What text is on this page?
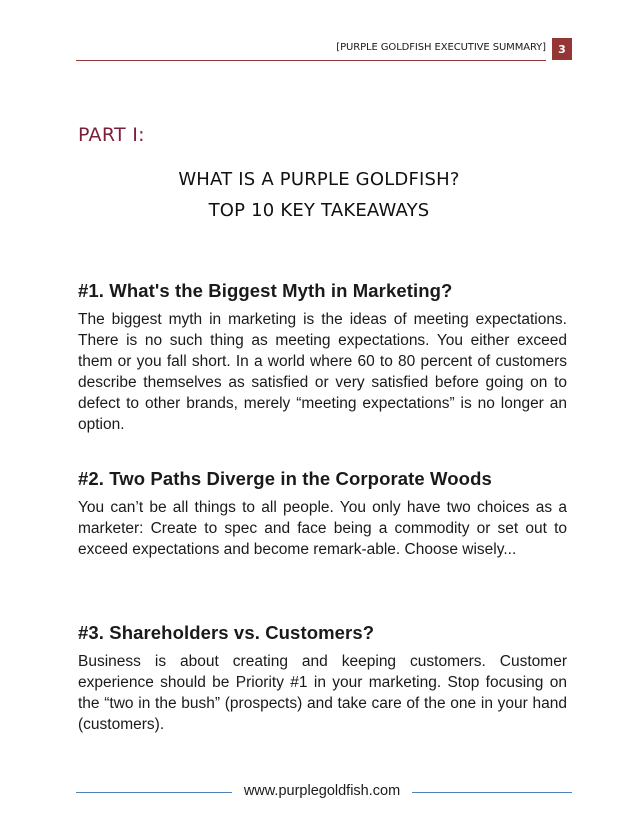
[PURPLE GOLDFISH EXECUTIVE SUMMARY]	3
PART I:
WHAT IS A PURPLE GOLDFISH?
TOP 10 KEY TAKEAWAYS
#1. What's the Biggest Myth in Marketing?

The biggest myth in marketing is the ideas of meeting expectations. There is no such thing as meeting expectations. You either exceed them or you fall short. In a world where 60 to 80 percent of customers describe themselves as satisfied or very satisfied before going on to defect to other brands, merely “meeting expectations” is no longer an option.

#2. Two Paths Diverge in the Corporate Woods

You can’t be all things to all people. You only have two choices as a marketer: Create to spec and face being a commodity or set out to exceed expectations and become remark-able. Choose wisely...

#3. Shareholders vs. Customers?

Business is about creating and keeping customers. Customer experience should be Priority #1 in your marketing. Stop focusing on the “two in the bush” (prospects) and take care of the one in your hand (customers).

www.purplegoldfish.com
